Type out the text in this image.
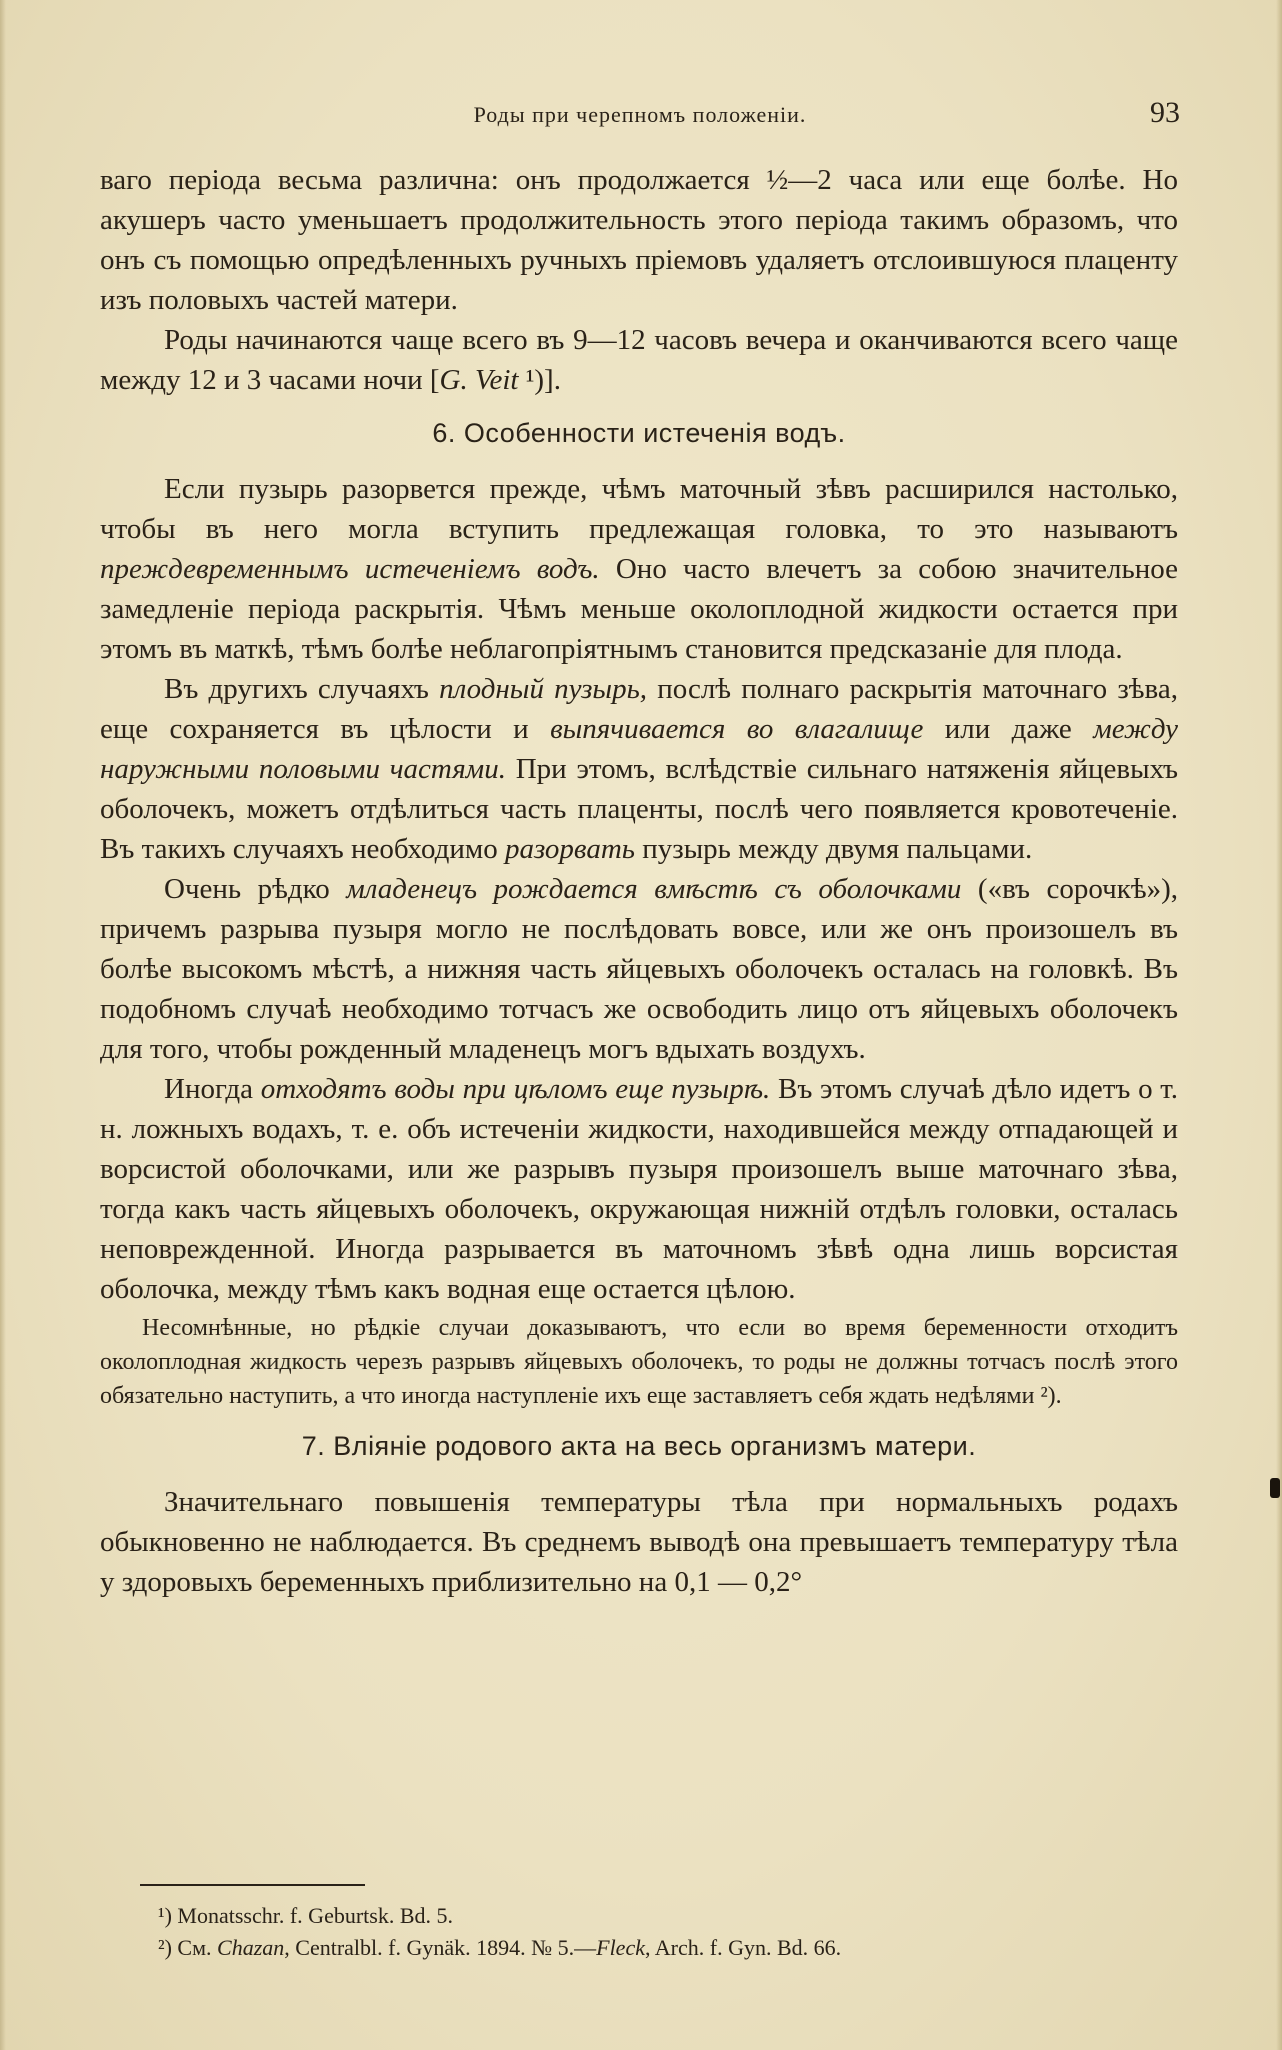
Роды при черепномъ положеніи.	93

ваго періода весьма различна: онъ продолжается ½—2 часа или еще болѣе. Но акушеръ часто уменьшаетъ продолжительность этого періода такимъ образомъ, что онъ съ помощью опредѣленныхъ ручныхъ пріемовъ удаляетъ отслоившуюся плаценту изъ половыхъ частей матери.

Роды начинаются чаще всего въ 9—12 часовъ вечера и оканчиваются всего чаще между 12 и 3 часами ночи [G. Veit ¹)].

6. Особенности истеченія водъ.

Если пузырь разорвется прежде, чѣмъ маточный зѣвъ расширился настолько, чтобы въ него могла вступить предлежащая головка, то это называютъ преждевременнымъ истеченіемъ водъ. Оно часто влечетъ за собою значительное замедленіе періода раскрытія. Чѣмъ меньше околоплодной жидкости остается при этомъ въ маткѣ, тѣмъ болѣе неблагопріятнымъ становится предсказаніе для плода.

Въ другихъ случаяхъ плодный пузырь, послѣ полнаго раскрытія маточнаго зѣва, еще сохраняется въ цѣлости и выпячивается во влагалище или даже между наружными половыми частями. При этомъ, вслѣдствіе сильнаго натяженія яйцевыхъ оболочекъ, можетъ отдѣлиться часть плаценты, послѣ чего появляется кровотеченіе. Въ такихъ случаяхъ необходимо разорвать пузырь между двумя пальцами.

Очень рѣдко младенецъ рождается вмѣстѣ съ оболочками («въ сорочкѣ»), причемъ разрыва пузыря могло не послѣдовать вовсе, или же онъ произошелъ въ болѣе высокомъ мѣстѣ, а нижняя часть яйцевыхъ оболочекъ осталась на головкѣ. Въ подобномъ случаѣ необходимо тотчасъ же освободить лицо отъ яйцевыхъ оболочекъ для того, чтобы рожденный младенецъ могъ вдыхать воздухъ.

Иногда отходятъ воды при цѣломъ еще пузырѣ. Въ этомъ случаѣ дѣло идетъ о т. н. ложныхъ водахъ, т. е. объ истеченіи жидкости, находившейся между отпадающей и ворсистой оболочками, или же разрывъ пузыря произошелъ выше маточнаго зѣва, тогда какъ часть яйцевыхъ оболочекъ, окружающая нижній отдѣлъ головки, осталась неповрежденной. Иногда разрывается въ маточномъ зѣвѣ одна лишь ворсистая оболочка, между тѣмъ какъ водная еще остается цѣлою.

Несомнѣнные, но рѣдкіе случаи доказываютъ, что если во время беременности отходитъ околоплодная жидкость черезъ разрывъ яйцевыхъ оболочекъ, то роды не должны тотчасъ послѣ этого обязательно наступить, а что иногда наступленіе ихъ еще заставляетъ себя ждать недѣлями ²).

7. Вліяніе родового акта на весь организмъ матери.

Значительнаго повышенія температуры тѣла при нормальныхъ родахъ обыкновенно не наблюдается. Въ среднемъ выводѣ она превышаетъ температуру тѣла у здоровыхъ беременныхъ приблизительно на 0,1 — 0,2°

¹) Monatsschr. f. Geburtsk. Bd. 5.
²) См. Chazan, Centralbl. f. Gynäk. 1894. № 5.—Fleck, Arch. f. Gyn. Bd. 66.
